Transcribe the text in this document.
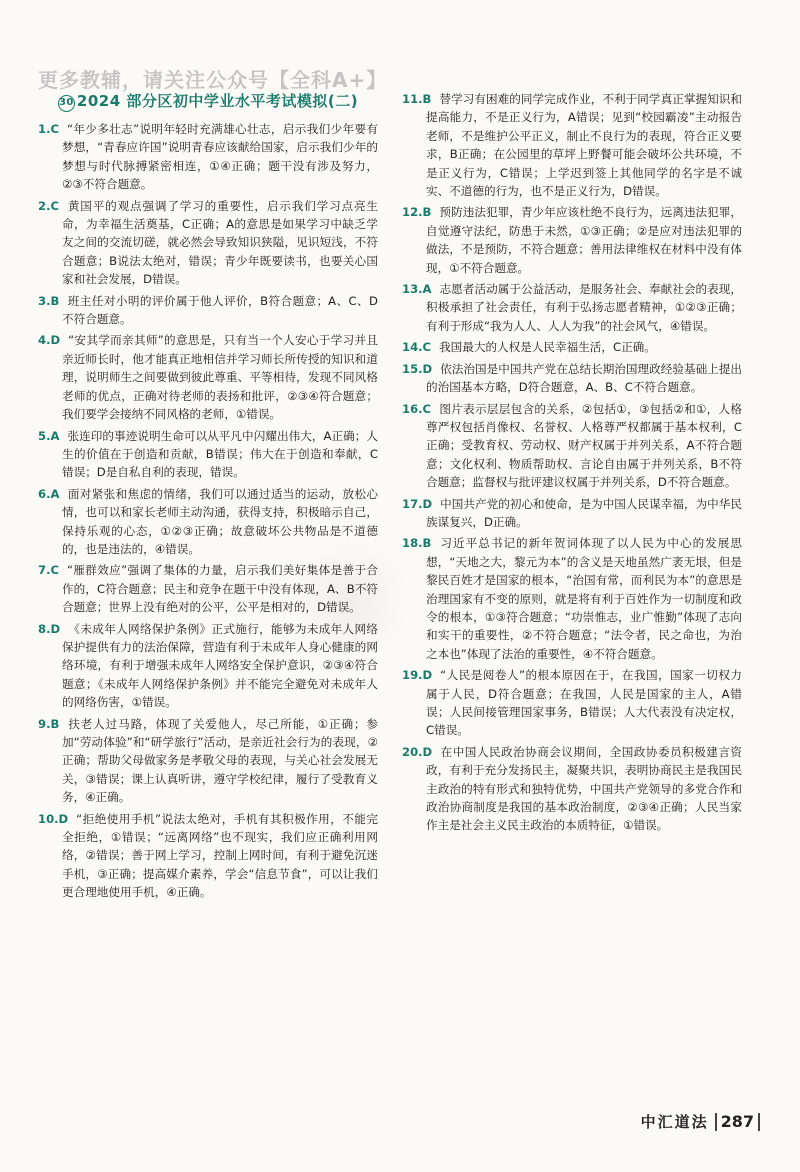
更多教辅，请关注公众号【全科A+】
30 2024 部分区初中学业水平考试模拟(二)
1.C “年少多壮志”说明年轻时充满雄心壮志，启示我们少年要有梦想，“青春应许国”说明青春应该献给国家，启示我们少年的梦想与时代脉搏紧密相连，①④正确；题干没有涉及努力，②③不符合题意。
2.C 黄国平的观点强调了学习的重要性，启示我们学习点亮生命，为幸福生活奠基，C正确；A的意思是如果学习中缺乏学友之间的交流切磋，就必然会导致知识狭隘，见识短浅，不符合题意；B说法太绝对，错误；青少年既要读书，也要关心国家和社会发展，D错误。
3.B 班主任对小明的评价属于他人评价，B符合题意；A、C、D不符合题意。
4.D “安其学而亲其师”的意思是，只有当一个人安心于学习并且亲近师长时，他才能真正地相信并学习师长所传授的知识和道理，说明师生之间要做到彼此尊重、平等相待，发现不同风格老师的优点，正确对待老师的表扬和批评，②③④符合题意；我们要学会接纳不同风格的老师，①错误。
5.A 张连印的事迹说明生命可以从平凡中闪耀出伟大，A正确；人生的价值在于创造和贡献，B错误；伟大在于创造和奉献，C错误；D是自私自利的表现，错误。
6.A 面对紧张和焦虑的情绪，我们可以通过适当的运动，放松心情，也可以和家长老师主动沟通，获得支持，积极暗示自己，保持乐观的心态，①②③正确；故意破坏公共物品是不道德的，也是违法的，④错误。
7.C “雁群效应”强调了集体的力量，启示我们美好集体是善于合作的，C符合题意；民主和竞争在题干中没有体现，A、B不符合题意；世界上没有绝对的公平，公平是相对的，D错误。
8.D 《未成年人网络保护条例》正式施行，能够为未成年人网络保护提供有力的法治保障，营造有利于未成年人身心健康的网络环境，有利于增强未成年人网络安全保护意识，②③④符合题意；《未成年人网络保护条例》并不能完全避免对未成年人的网络伤害，①错误。
9.B 扶老人过马路，体现了关爱他人，尽己所能，①正确；参加“劳动体验”和“研学旅行”活动，是亲近社会行为的表现，②正确；帮助父母做家务是孝敬父母的表现，与关心社会发展无关，③错误；课上认真听讲，遵守学校纪律，履行了受教育义务，④正确。
10.D “拒绝使用手机”说法太绝对，手机有其积极作用，不能完全拒绝，①错误；“远离网络”也不现实，我们应正确利用网络，②错误；善于网上学习，控制上网时间，有利于避免沉迷手机，③正确；提高媒介素养，学会“信息节食”，可以让我们更合理地使用手机，④正确。
11.B 替学习有困难的同学完成作业，不利于同学真正掌握知识和提高能力，不是正义行为，A错误；见到“校园霸凌”主动报告老师，不是维护公平正义，制止不良行为的表现，符合正义要求，B正确；在公园里的草坪上野餐可能会破坏公共环境，不是正义行为，C错误；上学迟到签上其他同学的名字是不诚实、不道德的行为，也不是正义行为，D错误。
12.B 预防违法犯罪，青少年应该杜绝不良行为，远离违法犯罪，自觉遵守法纪，防患于未然，①③正确；②是应对违法犯罪的做法，不是预防，不符合题意；善用法律维权在材料中没有体现，①不符合题意。
13.A 志愿者活动属于公益活动，是服务社会、奉献社会的表现，积极承担了社会责任，有利于弘扬志愿者精神，①②③正确；有利于形成“我为人人、人人为我”的社会风气，④错误。
14.C 我国最大的人权是人民幸福生活，C正确。
15.D 依法治国是中国共产党在总结长期治国理政经验基础上提出的治国基本方略，D符合题意，A、B、C不符合题意。
16.C 图片表示层层包含的关系，②包括①，③包括②和①，人格尊严权包括肖像权、名誉权、人格尊严权都属于基本权利，C正确；受教育权、劳动权、财产权属于并列关系，A不符合题意；文化权利、物质帮助权、言论自由属于并列关系，B不符合题意；监督权与批评建议权属于并列关系，D不符合题意。
17.D 中国共产党的初心和使命，是为中国人民谋幸福，为中华民族谋复兴，D正确。
18.B 习近平总书记的新年贺词体现了以人民为中心的发展思想，“天地之大，黎元为本”的含义是天地虽然广袤无垠，但是黎民百姓才是国家的根本，“治国有常，而利民为本”的意思是治理国家有不变的原则，就是将有利于百姓作为一切制度和政令的根本，①③符合题意；“功崇惟志，业广惟勤”体现了志向和实干的重要性，②不符合题意；“法令者，民之命也，为治之本也”体现了法治的重要性，④不符合题意。
19.D “人民是阅卷人”的根本原因在于，在我国，国家一切权力属于人民，D符合题意；在我国，人民是国家的主人，A错误；人民间接管理国家事务，B错误；人大代表没有决定权，C错误。
20.D 在中国人民政治协商会议期间，全国政协委员积极建言资政，有利于充分发扬民主，凝聚共识，表明协商民主是我国民主政治的特有形式和独特优势，中国共产党领导的多党合作和政治协商制度是我国的基本政治制度，②③④正确；人民当家作主是社会主义民主政治的本质特征，①错误。
中汇道法 287
